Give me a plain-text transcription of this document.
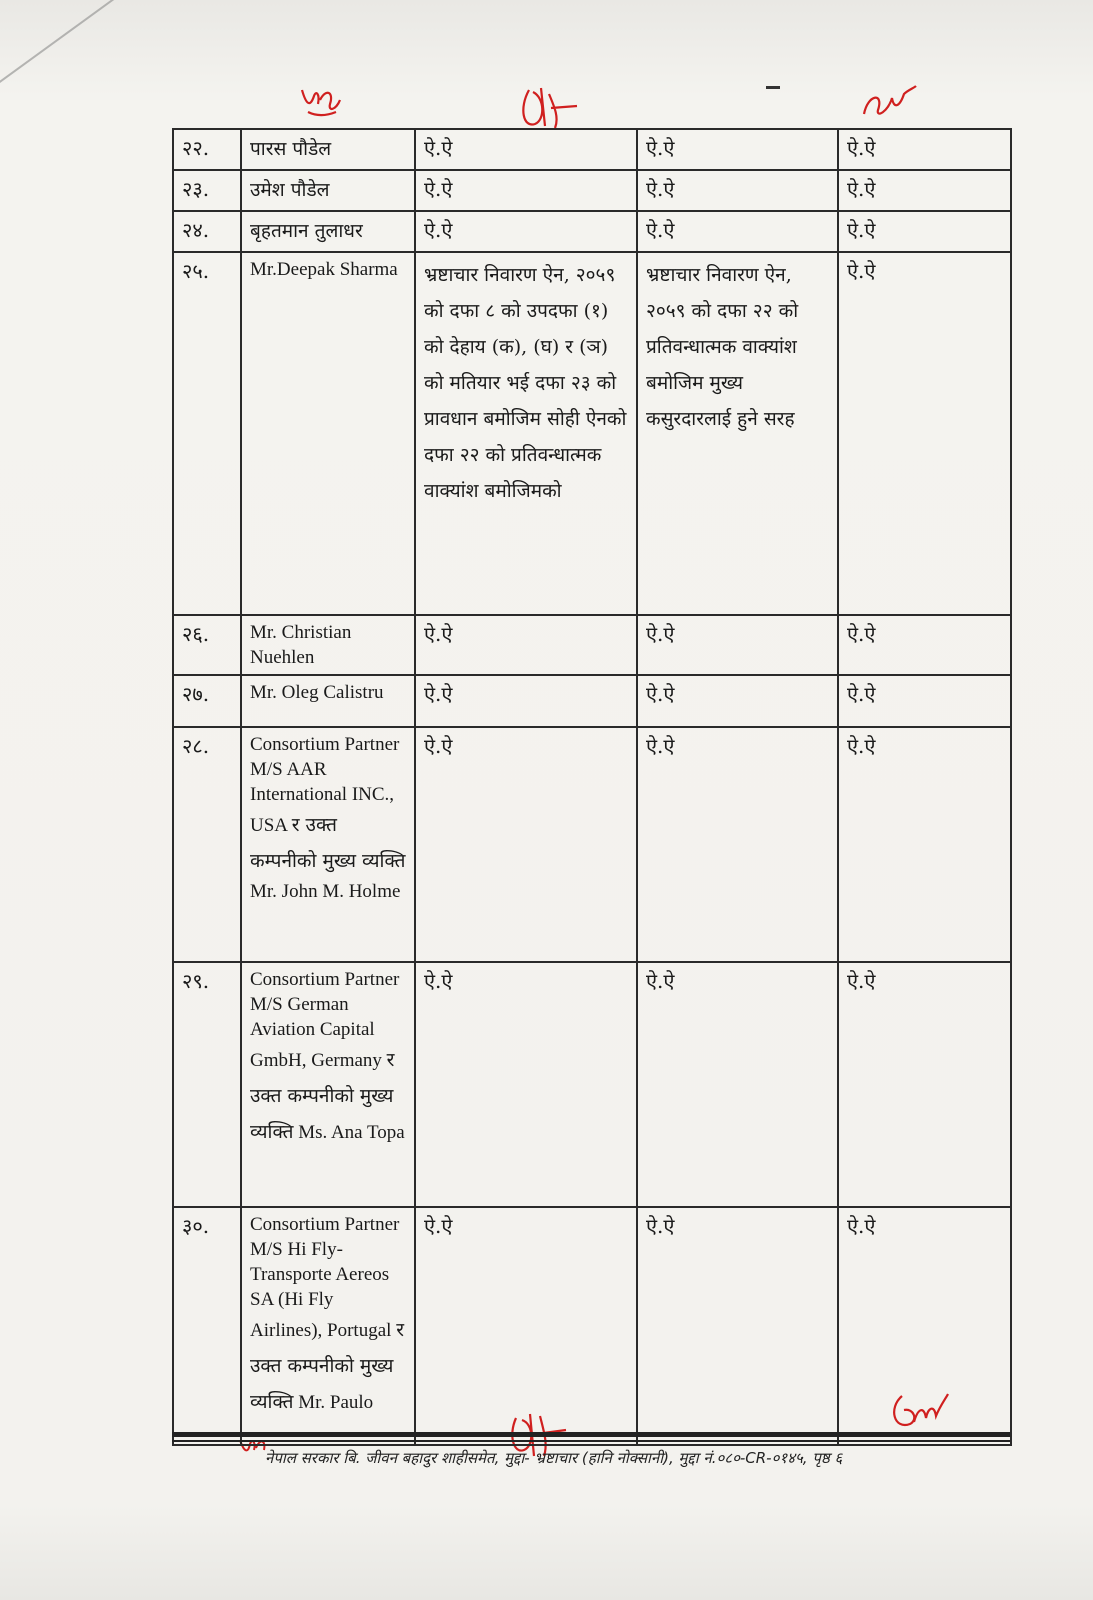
२२.	पारस पौडेल	ऐ.ऐ	ऐ.ऐ	ऐ.ऐ
२३.	उमेश पौडेल	ऐ.ऐ	ऐ.ऐ	ऐ.ऐ
२४.	बृहतमान तुलाधर	ऐ.ऐ	ऐ.ऐ	ऐ.ऐ
२५.	Mr.Deepak Sharma	भ्रष्टाचार निवारण ऐन, २०५९ को दफा ८ को उपदफा (१) को देहाय (क), (घ) र (ञ) को मतियार भई दफा २३ को प्रावधान बमोजिम सोही ऐनको दफा २२ को प्रतिवन्धात्मक वाक्यांश बमोजिमको	भ्रष्टाचार निवारण ऐन, २०५९ को दफा २२ को प्रतिवन्धात्मक वाक्यांश बमोजिम मुख्य कसुरदारलाई हुने सरह	ऐ.ऐ
२६.	Mr. Christian Nuehlen	ऐ.ऐ	ऐ.ऐ	ऐ.ऐ
२७.	Mr. Oleg Calistru	ऐ.ऐ	ऐ.ऐ	ऐ.ऐ
२८.	Consortium Partner M/S AAR International INC., USA र उक्त कम्पनीको मुख्य व्यक्ति Mr. John M. Holme	ऐ.ऐ	ऐ.ऐ	ऐ.ऐ
२९.	Consortium Partner M/S German Aviation Capital GmbH, Germany र उक्त कम्पनीको मुख्य व्यक्ति Ms. Ana Topa	ऐ.ऐ	ऐ.ऐ	ऐ.ऐ
३०.	Consortium Partner M/S Hi Fly-Transporte Aereos SA (Hi Fly Airlines), Portugal र उक्त कम्पनीको मुख्य व्यक्ति Mr. Paulo	ऐ.ऐ	ऐ.ऐ	ऐ.ऐ
नेपाल सरकार बि. जीवन बहादुर शाहीसमेत, मुद्दा- भ्रष्टाचार (हानि नोक्सानी), मुद्दा नं.०८०-CR-०१४५, पृष्ठ ६
